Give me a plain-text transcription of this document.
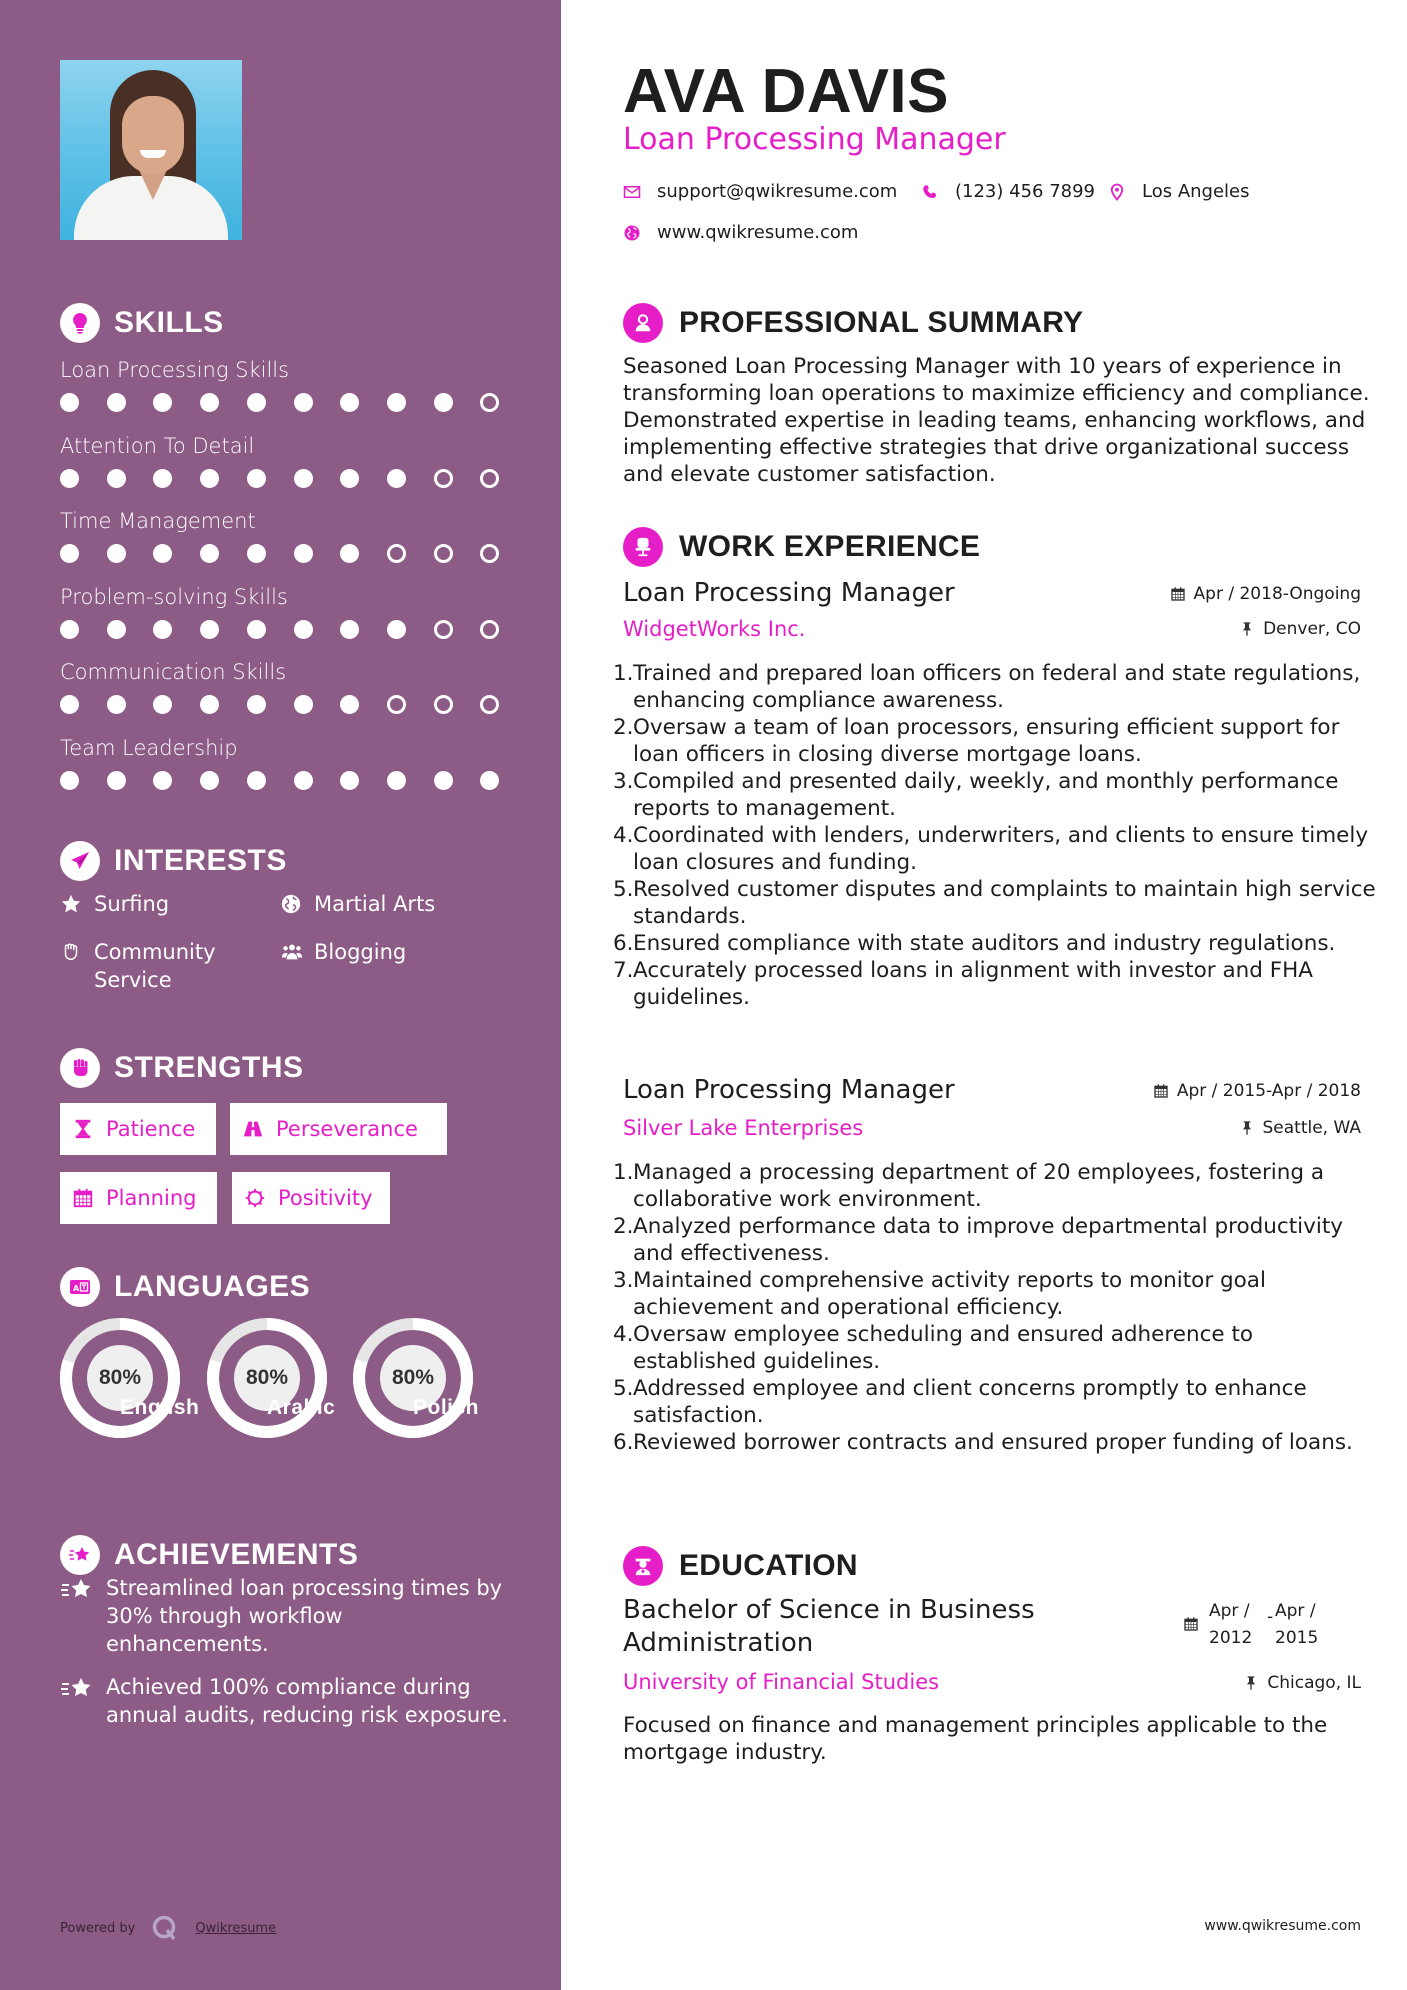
SKILLS
Loan Processing Skills
Attention To Detail
Time Management
Problem-solving Skills
Communication Skills
Team Leadership
INTERESTS
Surfing	Martial Arts
Community Service
Blogging
STRENGTHS
Patience	Perseverance
Planning	Positivity
A LANGUAGES
80%
English
80%
Arabic
80%
Polish
ACHIEVEMENTS
Streamlined loan processing times by 30% through workflow enhancements.
Achieved 100% compliance during annual audits, reducing risk exposure.
Powered by	Qwikresume
AVA DAVIS
Loan Processing Manager
support@qwikresume.com	(123) 456 7899	Los Angeles
www.qwikresume.com
PROFESSIONAL SUMMARY

Seasoned Loan Processing Manager with 10 years of experience in transforming loan operations to maximize efficiency and compliance. Demonstrated expertise in leading teams, enhancing workflows, and implementing effective strategies that drive organizational success and elevate customer satisfaction.

WORK EXPERIENCE
Loan Processing Manager	Apr / 2018-Ongoing
WidgetWorks Inc.	Denver, CO
1. Trained and prepared loan officers on federal and state regulations, enhancing compliance awareness.
2. Oversaw a team of loan processors, ensuring efficient support for loan officers in closing diverse mortgage loans.
3. Compiled and presented daily, weekly, and monthly performance reports to management.
4. Coordinated with lenders, underwriters, and clients to ensure timely loan closures and funding.
5. Resolved customer disputes and complaints to maintain high service standards.
6. Ensured compliance with state auditors and industry regulations.
7. Accurately processed loans in alignment with investor and FHA guidelines.
Loan Processing Manager	Apr / 2015-Apr / 2018
Silver Lake Enterprises	Seattle, WA
1. Managed a processing department of 20 employees, fostering a collaborative work environment.
2. Analyzed performance data to improve departmental productivity and effectiveness.
3. Maintained comprehensive activity reports to monitor goal achievement and operational efficiency.
4. Oversaw employee scheduling and ensured adherence to established guidelines.
5. Addressed employee and client concerns promptly to enhance satisfaction.
6. Reviewed borrower contracts and ensured proper funding of loans.
EDUCATION
Bachelor of Science in Business Administration
Apr /
2012
- Apr /
2015
University of Financial Studies	Chicago, IL

Focused on finance and management principles applicable to the mortgage industry.

www.qwikresume.com
